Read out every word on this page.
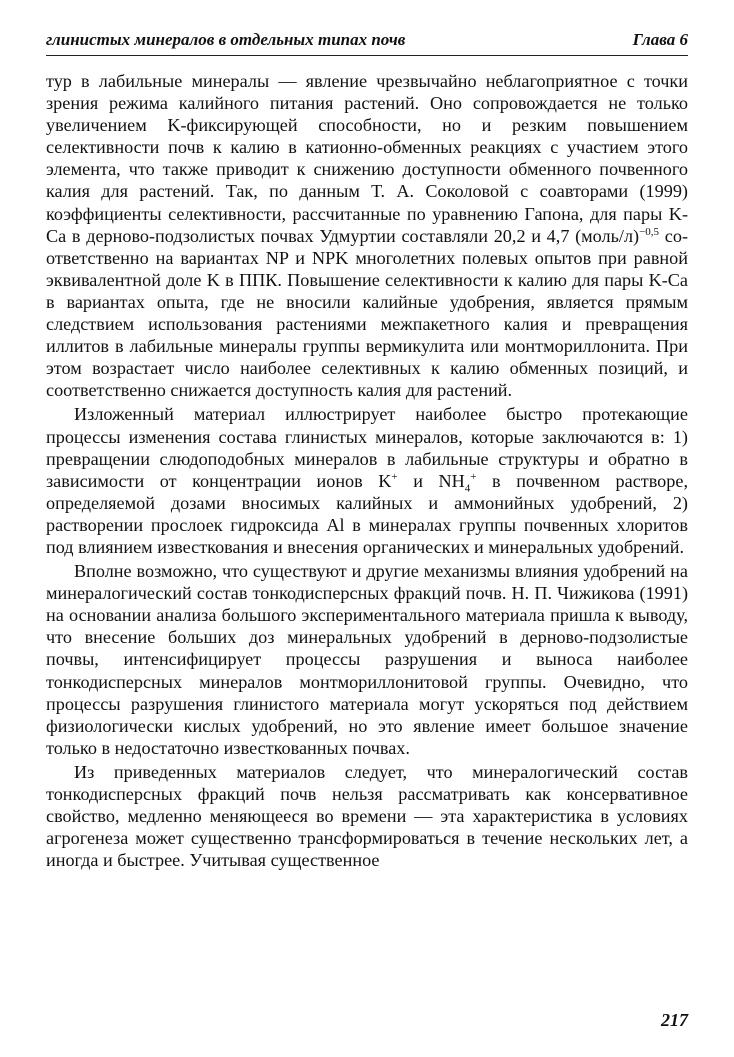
глинистых минералов в отдельных типах почв	Глава 6

тур в лабильные минералы — явление чрезвычайно неблагоприятное с точки зрения режима калийного питания растений. Оно сопровождается не только увеличением K-фиксирующей способности, но и резким повышением селективности почв к калию в катионно-обменных реакциях с участием этого элемента, что также приводит к снижению доступности обменного почвенного калия для растений. Так, по данным Т. А. Соколовой с соавторами (1999) коэффициенты селективности, рассчитанные по уравнению Гапона, для пары K-Ca в дерново-подзолистых почвах Удмуртии составляли 20,2 и 4,7 (моль/л)$^{-0,5}$ соответственно на вариантах NP и NPK многолетних полевых опытов при равной эквивалентной доле K в ППК. Повышение селективности к калию для пары K-Ca в вариантах опыта, где не вносили калийные удобрения, является прямым следствием использования растениями межпакетного калия и превращения иллитов в лабильные минералы группы вермикулита или монтмориллонита. При этом возрастает число наиболее селективных к калию обменных позиций, и соответственно снижается доступность калия для растений.

Изложенный материал иллюстрирует наиболее быстро протекающие процессы изменения состава глинистых минералов, которые заключаются в: 1) превращении слюдоподобных минералов в лабильные структуры и обратно в зависимости от концентрации ионов K+ и $NH_4^+$ в почвенном растворе, определяемой дозами вносимых калийных и аммонийных удобрений, 2) растворении прослоек гидроксида Al в минералах группы почвенных хлоритов под влиянием известкования и внесения органических и минеральных удобрений.

Вполне возможно, что существуют и другие механизмы влияния удобрений на минералогический состав тонкодисперсных фракций почв. Н. П. Чижикова (1991) на основании анализа большого экспериментального материала пришла к выводу, что внесение больших доз минеральных удобрений в дерново-подзолистые почвы, интенсифицирует процессы разрушения и выноса наиболее тонкодисперсных минералов монтмориллонитовой группы. Очевидно, что процессы разрушения глинистого материала могут ускоряться под действием физиологически кислых удобрений, но это явление имеет большое значение только в недостаточно известкованных почвах.

Из приведенных материалов следует, что минералогический состав тонкодисперсных фракций почв нельзя рассматривать как консервативное свойство, медленно меняющееся во времени — эта характеристика в условиях агрогенеза может существенно трансформироваться в течение нескольких лет, а иногда и быстрее. Учитывая существенное

217
